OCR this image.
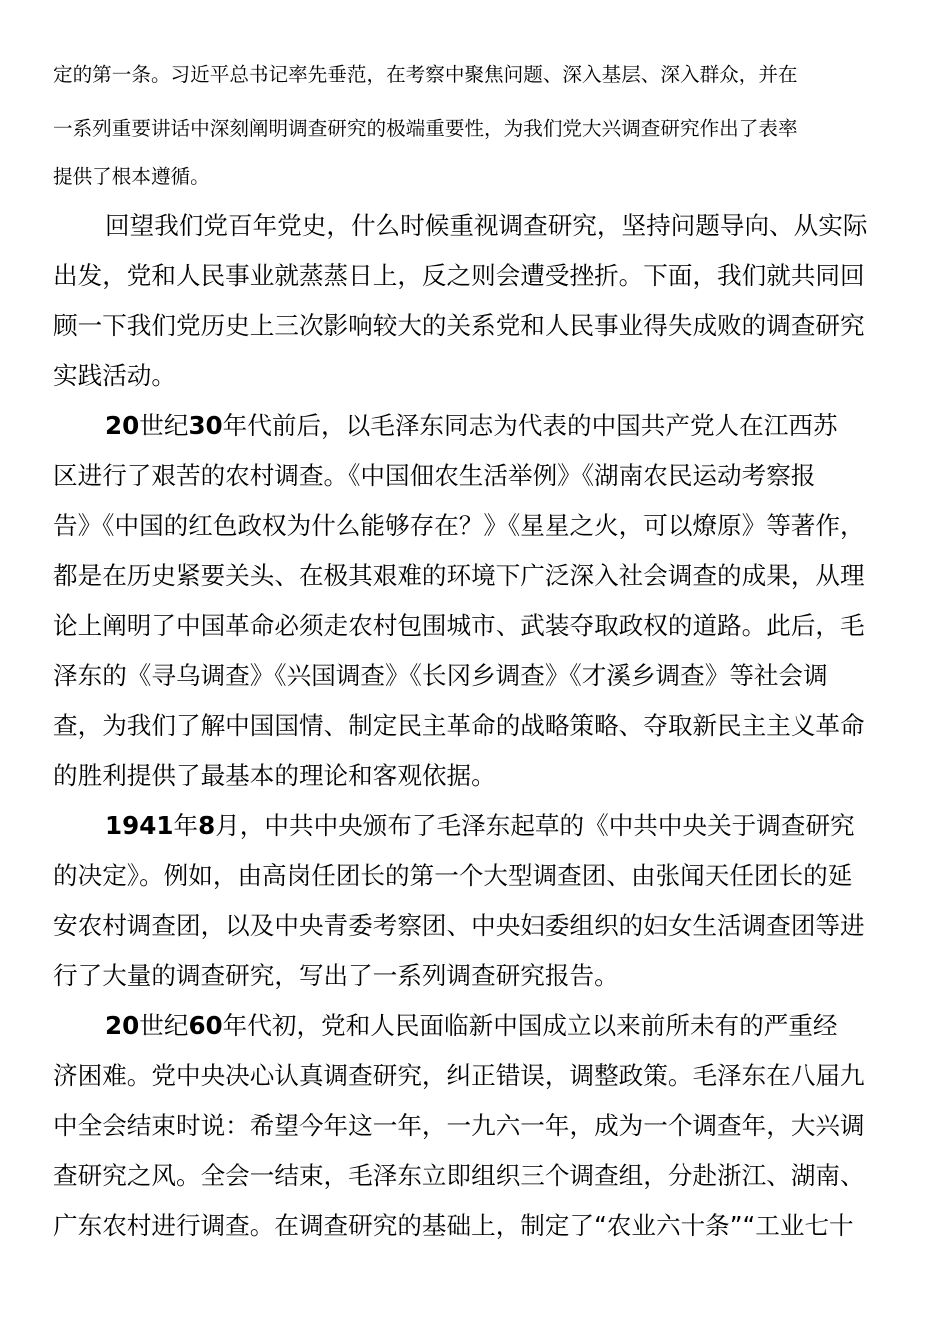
定的第一条。习近平总书记率先垂范，在考察中聚焦问题、深入基层、深入群众，并在
一系列重要讲话中深刻阐明调查研究的极端重要性，为我们党大兴调查研究作出了表率
提供了根本遵循。
回望我们党百年党史，什么时候重视调查研究，坚持问题导向、从实际
出发，党和人民事业就蒸蒸日上，反之则会遭受挫折。下面，我们就共同回
顾一下我们党历史上三次影响较大的关系党和人民事业得失成败的调查研究
实践活动。
20世纪30年代前后，以毛泽东同志为代表的中国共产党人在江西苏
区进行了艰苦的农村调查。《中国佃农生活举例》《湖南农民运动考察报
告》《中国的红色政权为什么能够存在？》《星星之火，可以燎原》等著作，
都是在历史紧要关头、在极其艰难的环境下广泛深入社会调查的成果，从理
论上阐明了中国革命必须走农村包围城市、武装夺取政权的道路。此后，毛
泽东的《寻乌调查》《兴国调查》《长冈乡调查》《才溪乡调查》等社会调
查，为我们了解中国国情、制定民主革命的战略策略、夺取新民主主义革命
的胜利提供了最基本的理论和客观依据。
1941年8月，中共中央颁布了毛泽东起草的《中共中央关于调查研究
的决定》。例如，由高岗任团长的第一个大型调查团、由张闻天任团长的延
安农村调查团，以及中央青委考察团、中央妇委组织的妇女生活调查团等进
行了大量的调查研究，写出了一系列调查研究报告。
20世纪60年代初，党和人民面临新中国成立以来前所未有的严重经
济困难。党中央决心认真调查研究，纠正错误，调整政策。毛泽东在八届九
中全会结束时说：希望今年这一年，一九六一年，成为一个调查年，大兴调
查研究之风。全会一结束，毛泽东立即组织三个调查组，分赴浙江、湖南、
广东农村进行调查。在调查研究的基础上，制定了“农业六十条”“工业七十
